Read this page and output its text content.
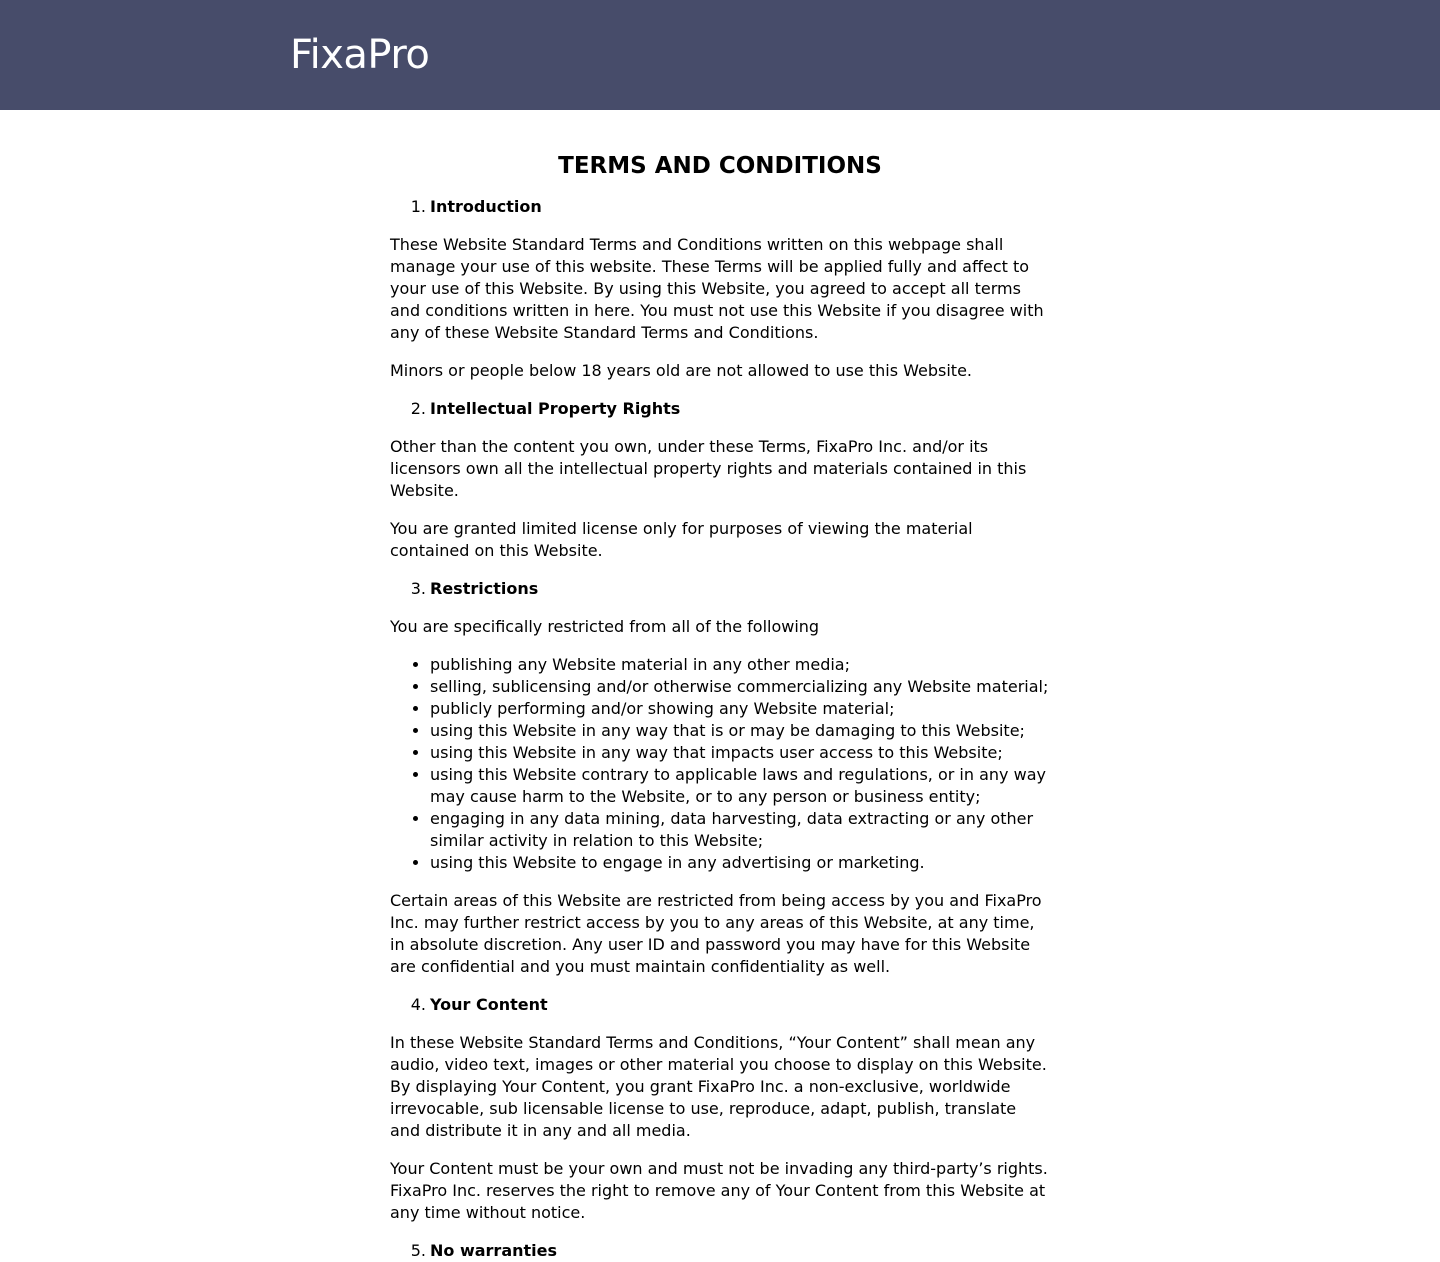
FixaPro
TERMS AND CONDITIONS
1. Introduction

These Website Standard Terms and Conditions written on this webpage shall manage your use of this website. These Terms will be applied fully and affect to your use of this Website. By using this Website, you agreed to accept all terms and conditions written in here. You must not use this Website if you disagree with any of these Website Standard Terms and Conditions.

Minors or people below 18 years old are not allowed to use this Website.

2. Intellectual Property Rights

Other than the content you own, under these Terms, FixaPro Inc. and/or its licensors own all the intellectual property rights and materials contained in this Website.

You are granted limited license only for purposes of viewing the material contained on this Website.

3. Restrictions

You are specifically restricted from all of the following

• publishing any Website material in any other media;
• selling, sublicensing and/or otherwise commercializing any Website material;
• publicly performing and/or showing any Website material;
• using this Website in any way that is or may be damaging to this Website;
• using this Website in any way that impacts user access to this Website;
• using this Website contrary to applicable laws and regulations, or in any way may cause harm to the Website, or to any person or business entity;
• engaging in any data mining, data harvesting, data extracting or any other similar activity in relation to this Website;
• using this Website to engage in any advertising or marketing.

Certain areas of this Website are restricted from being access by you and FixaPro Inc. may further restrict access by you to any areas of this Website, at any time, in absolute discretion. Any user ID and password you may have for this Website are confidential and you must maintain confidentiality as well.

4. Your Content

In these Website Standard Terms and Conditions, “Your Content” shall mean any audio, video text, images or other material you choose to display on this Website. By displaying Your Content, you grant FixaPro Inc. a non-exclusive, worldwide irrevocable, sub licensable license to use, reproduce, adapt, publish, translate and distribute it in any and all media.

Your Content must be your own and must not be invading any third-party’s rights. FixaPro Inc. reserves the right to remove any of Your Content from this Website at any time without notice.

5. No warranties
